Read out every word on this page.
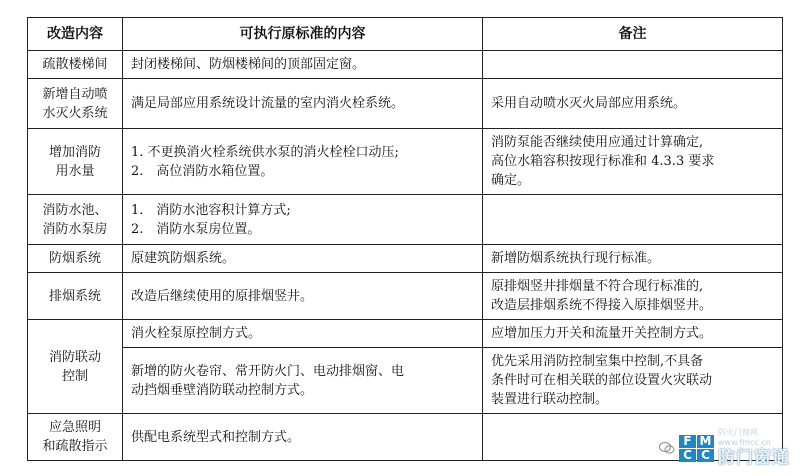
改造内容	可执行原标准的内容	备注

疏散楼梯间	封闭楼梯间、防烟楼梯间的顶部固定窗。	

新增自动喷
水灭火系统	满足局部应用系统设计流量的室内消火栓系统。	采用自动喷水灭火局部应用系统。

增加消防
用水量	1. 不更换消火栓系统供水泵的消火栓栓口动压;
2.　高位消防水箱位置。	消防泵能否继续使用应通过计算确定,
高位水箱容积按现行标准和 4.3.3 要求
确定。

消防水池、
消防水泵房	1.　消防水池容积计算方式;
2.　消防水泵房位置。	

防烟系统	原建筑防烟系统。	新增防烟系统执行现行标准。

排烟系统	改造后继续使用的原排烟竖井。	原排烟竖井排烟量不符合现行标准的,
改造层排烟系统不得接入原排烟竖井。

消防联动
控制	消火栓泵原控制方式。	应增加压力开关和流量开关控制方式。

	新增的防火卷帘、常开防火门、电动排烟窗、电
动挡烟垂壁消防联动控制方式。	优先采用消防控制室集中控制,不具备
条件时可在相关联的部位设置火灾联动
装置进行联动控制。

应急照明
和疏散指示	供配电系统型式和控制方式。	
		F M
C C
防火门窗网
www.fmcc.cn
防门窗通
